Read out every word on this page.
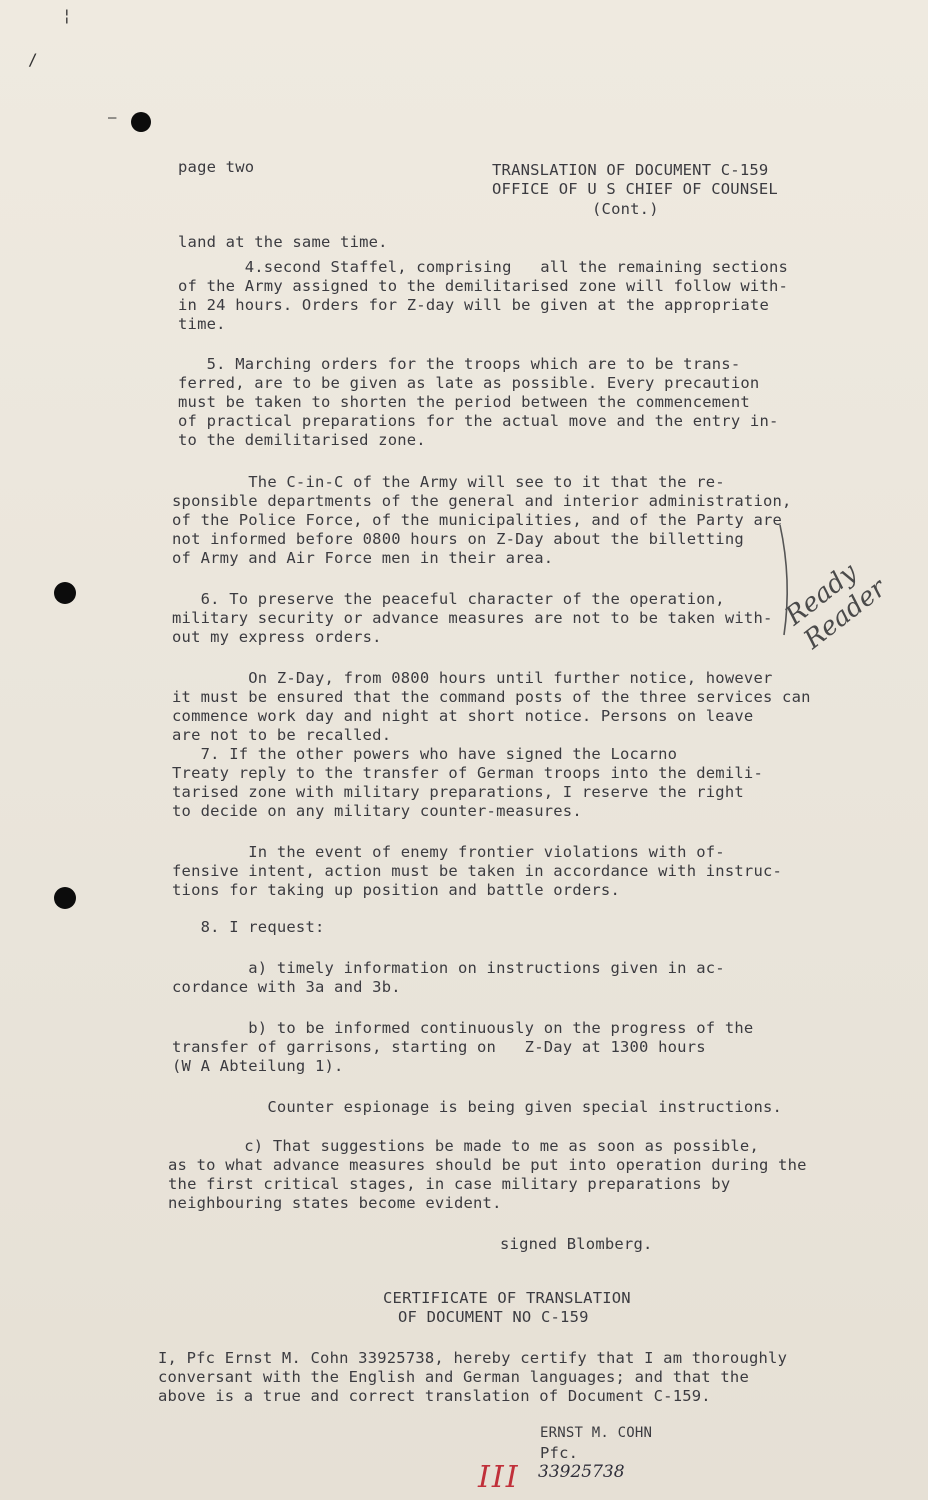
—
¦
/
page two	TRANSLATION OF DOCUMENT C-159
OFFICE OF U S CHIEF OF COUNSEL
(Cont.)
land at the same time.
4.second Staffel, comprising   all the remaining sections
of the Army assigned to the demilitarised zone will follow with-
in 24 hours. Orders for Z-day will be given at the appropriate
time.
5. Marching orders for the troops which are to be trans-
ferred, are to be given as late as possible. Every precaution
must be taken to shorten the period between the commencement
of practical preparations for the actual move and the entry in-
to the demilitarised zone.
The C-in-C of the Army will see to it that the re-
sponsible departments of the general and interior administration,
of the Police Force, of the municipalities, and of the Party are
not informed before 0800 hours on Z-Day about the billetting
of Army and Air Force men in their area.
6. To preserve the peaceful character of the operation,
military security or advance measures are not to be taken with-
out my express orders.
On Z-Day, from 0800 hours until further notice, however
it must be ensured that the command posts of the three services can
commence work day and night at short notice. Persons on leave
are not to be recalled.
7. If the other powers who have signed the Locarno
Treaty reply to the transfer of German troops into the demili-
tarised zone with military preparations, I reserve the right
to decide on any military counter-measures.
In the event of enemy frontier violations with of-
fensive intent, action must be taken in accordance with instruc-
tions for taking up position and battle orders.
8. I request:
a) timely information on instructions given in ac-
cordance with 3a and 3b.
b) to be informed continuously on the progress of the
transfer of garrisons, starting on   Z-Day at 1300 hours
(W A Abteilung 1).
Counter espionage is being given special instructions.
c) That suggestions be made to me as soon as possible,
as to what advance measures should be put into operation during the
the first critical stages, in case military preparations by
neighbouring states become evident.
signed Blomberg.
CERTIFICATE OF TRANSLATION
OF DOCUMENT NO C-159
I, Pfc Ernst M. Cohn 33925738, hereby certify that I am thoroughly
conversant with the English and German languages; and that the
above is a true and correct translation of Document C-159.
ERNST M. COHN
Pfc.
33925738
III
Ready Reader
